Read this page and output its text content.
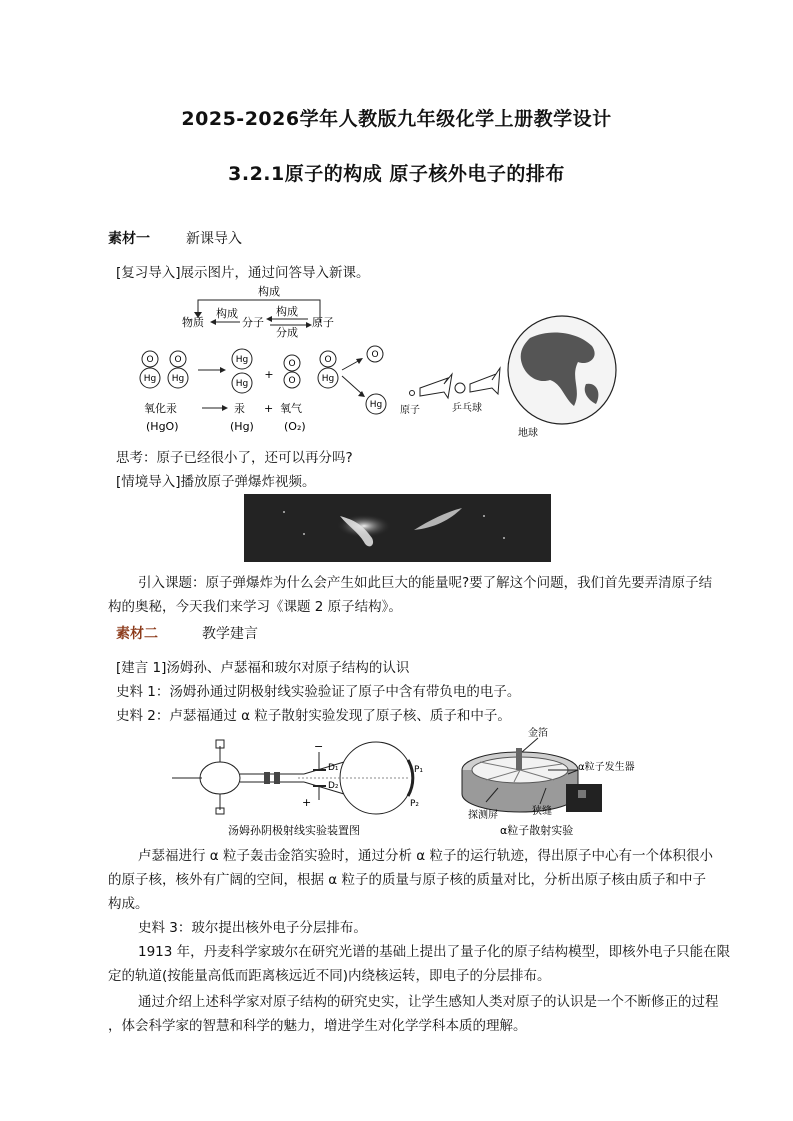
2025-2026学年人教版九年级化学上册教学设计
3.2.1原子的构成 原子核外电子的排布
素材一	新课导入
[复习导入]展示图片，通过问答导入新课。
构成
物质
构成
分子
构成
分成
原子
O
Hg
O
Hg
Hg
Hg
+
O
O
O
Hg
O
Hg
氧化汞
(HgO)
汞
(Hg)
+ 氧气
(O₂)
原子	乒乓球
地球
思考：原子已经很小了，还可以再分吗?
[情境导入]播放原子弹爆炸视频。
引入课题：原子弹爆炸为什么会产生如此巨大的能量呢?要了解这个问题，我们首先要弄清原子结
构的奥秘，今天我们来学习《课题 2 原子结构》。
素材二	教学建言
[建言 1]汤姆孙、卢瑟福和玻尔对原子结构的认识
史料 1：汤姆孙通过阴极射线实验验证了原子中含有带负电的电子。
史料 2：卢瑟福通过 α 粒子散射实验发现了原子核、质子和中子。
−
+
D₁
D₂
P₁
P₂
汤姆孙阴极射线实验装置图
金箔
α粒子发生器
探测屏	狭缝
α粒子散射实验
卢瑟福进行 α 粒子轰击金箔实验时，通过分析 α 粒子的运行轨迹，得出原子中心有一个体积很小
的原子核，核外有广阔的空间，根据 α 粒子的质量与原子核的质量对比，分析出原子核由质子和中子
构成。
史料 3：玻尔提出核外电子分层排布。
1913 年，丹麦科学家玻尔在研究光谱的基础上提出了量子化的原子结构模型，即核外电子只能在限
定的轨道(按能量高低而距离核远近不同)内绕核运转，即电子的分层排布。
通过介绍上述科学家对原子结构的研究史实，让学生感知人类对原子的认识是一个不断修正的过程
，体会科学家的智慧和科学的魅力，增进学生对化学学科本质的理解。
